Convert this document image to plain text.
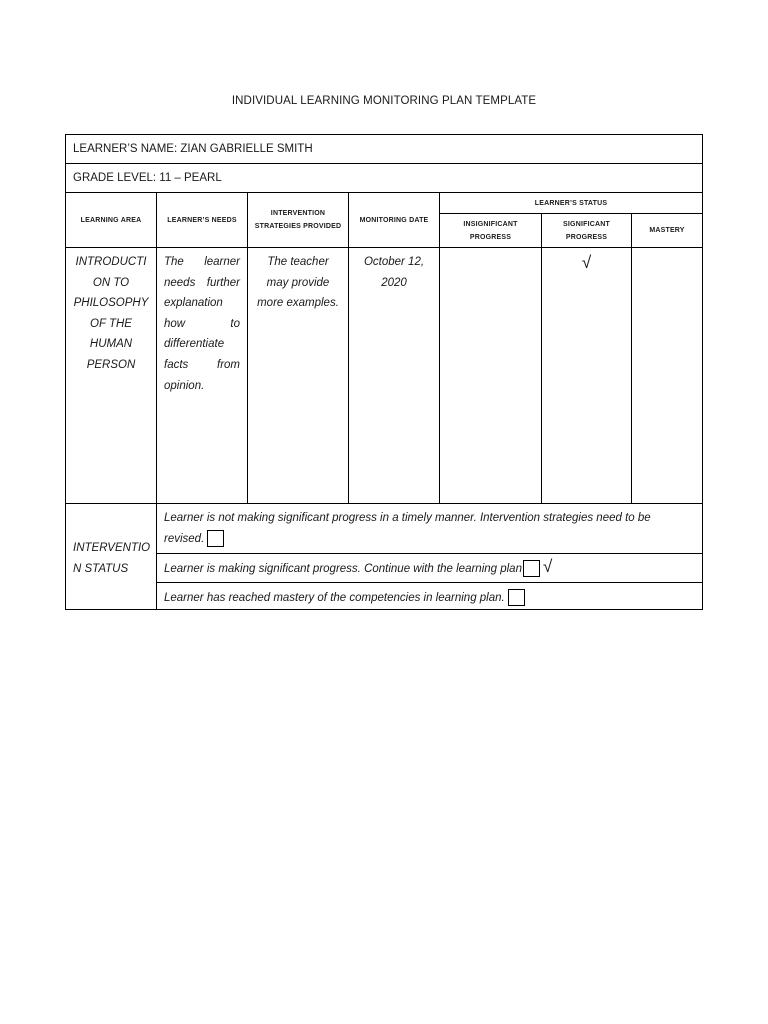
INDIVIDUAL LEARNING MONITORING PLAN TEMPLATE
LEARNER’S NAME: ZIAN GABRIELLE SMITH
GRADE LEVEL: 11 – PEARL
LEARNING AREA	LEARNER’S NEEDS
INTERVENTION
STRATEGIES PROVIDED
MONITORING DATE
LEARNER’S STATUS
INSIGNIFICANT
PROGRESS
SIGNIFICANT
PROGRESS
MASTERY
INTRODUCTI
ON TO
PHILOSOPHY
OF THE
HUMAN
PERSON
The learner
needs further
explanation
how to
differentiate
facts from
opinion.
The teacher
may provide
more examples.
October 12,
2020
√
INTERVENTIO
N STATUS
Learner is not making significant progress in a timely manner. Intervention strategies need to be
revised.
Learner is making significant progress. Continue with the learning plan √
Learner has reached mastery of the competencies in learning plan.
